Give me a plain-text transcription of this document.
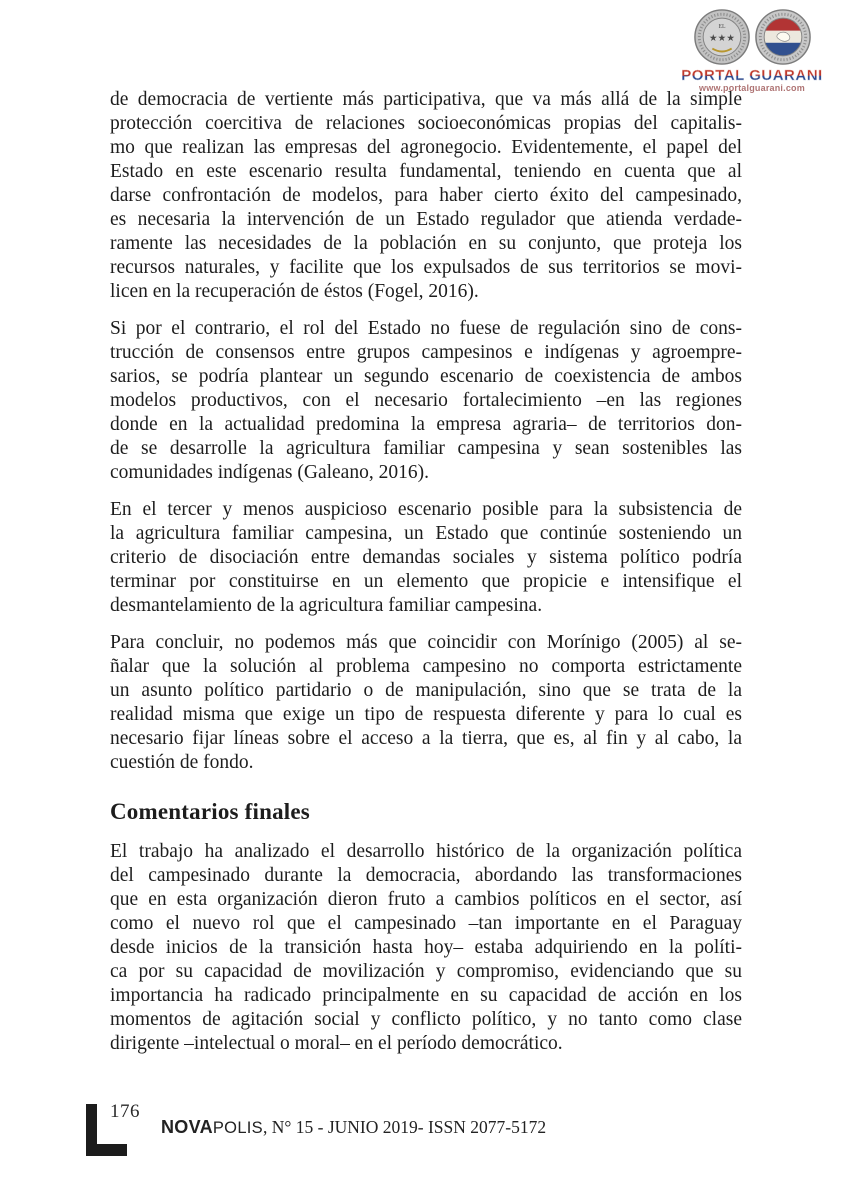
EL
★★★
PORTAL GUARANI
www.portalguarani.com
de democracia de vertiente más participativa, que va más allá de la simple
protección coercitiva de relaciones socioeconómicas propias del capitalis-
mo que realizan las empresas del agronegocio. Evidentemente, el papel del
Estado en este escenario resulta fundamental, teniendo en cuenta que al
darse confrontación de modelos, para haber cierto éxito del campesinado,
es necesaria la intervención de un Estado regulador que atienda verdade-
ramente las necesidades de la población en su conjunto, que proteja los
recursos naturales, y facilite que los expulsados de sus territorios se movi-
licen en la recuperación de éstos (Fogel, 2016).
Si por el contrario, el rol del Estado no fuese de regulación sino de cons-
trucción de consensos entre grupos campesinos e indígenas y agroempre-
sarios, se podría plantear un segundo escenario de coexistencia de ambos
modelos productivos, con el necesario fortalecimiento –en las regiones
donde en la actualidad predomina la empresa agraria– de territorios don-
de se desarrolle la agricultura familiar campesina y sean sostenibles las
comunidades indígenas (Galeano, 2016).
En el tercer y menos auspicioso escenario posible para la subsistencia de
la agricultura familiar campesina, un Estado que continúe sosteniendo un
criterio de disociación entre demandas sociales y sistema político podría
terminar por constituirse en un elemento que propicie e intensifique el
desmantelamiento de la agricultura familiar campesina.
Para concluir, no podemos más que coincidir con Morínigo (2005) al se-
ñalar que la solución al problema campesino no comporta estrictamente
un asunto político partidario o de manipulación, sino que se trata de la
realidad misma que exige un tipo de respuesta diferente y para lo cual es
necesario fijar líneas sobre el acceso a la tierra, que es, al fin y al cabo, la
cuestión de fondo.
Comentarios finales
El trabajo ha analizado el desarrollo histórico de la organización política
del campesinado durante la democracia, abordando las transformaciones
que en esta organización dieron fruto a cambios políticos en el sector, así
como el nuevo rol que el campesinado –tan importante en el Paraguay
desde inicios de la transición hasta hoy– estaba adquiriendo en la políti-
ca por su capacidad de movilización y compromiso, evidenciando que su
importancia ha radicado principalmente en su capacidad de acción en los
momentos de agitación social y conflicto político, y no tanto como clase
dirigente –intelectual o moral– en el período democrático.
176
NOVAPOLIS, N° 15 - JUNIO 2019- ISSN 2077-5172
